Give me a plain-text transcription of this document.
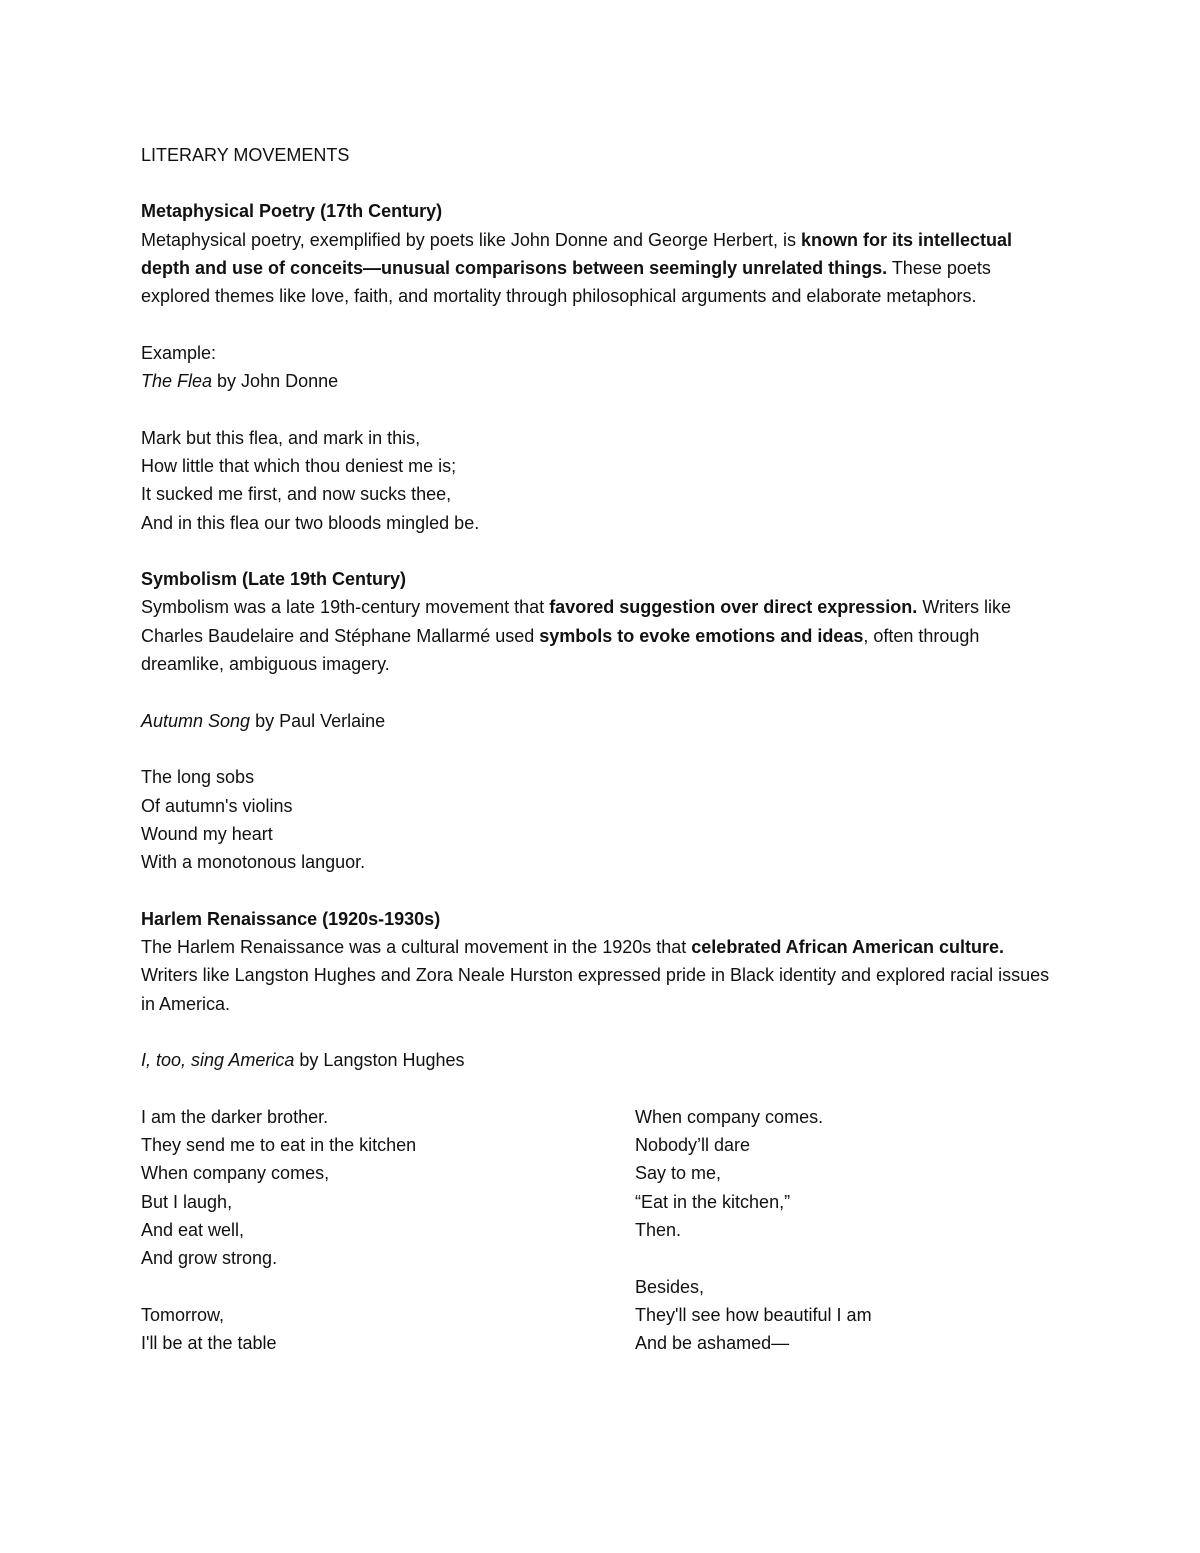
LITERARY MOVEMENTS
Metaphysical Poetry (17th Century)

Metaphysical poetry, exemplified by poets like John Donne and George Herbert, is known for its intellectual depth and use of conceits—unusual comparisons between seemingly unrelated things. These poets explored themes like love, faith, and mortality through philosophical arguments and elaborate metaphors.

Example:
The Flea by John Donne
Mark but this flea, and mark in this,
How little that which thou deniest me is;
It sucked me first, and now sucks thee,
And in this flea our two bloods mingled be.
Symbolism (Late 19th Century)

Symbolism was a late 19th-century movement that favored suggestion over direct expression. Writers like Charles Baudelaire and Stéphane Mallarmé used symbols to evoke emotions and ideas, often through dreamlike, ambiguous imagery.

Autumn Song by Paul Verlaine
The long sobs
Of autumn's violins
Wound my heart
With a monotonous languor.
Harlem Renaissance (1920s-1930s)

The Harlem Renaissance was a cultural movement in the 1920s that celebrated African American culture. Writers like Langston Hughes and Zora Neale Hurston expressed pride in Black identity and explored racial issues in America.

I, too, sing America by Langston Hughes
I am the darker brother.
They send me to eat in the kitchen
When company comes,
But I laugh,
And eat well,
And grow strong.
Tomorrow,
I'll be at the table
When company comes.
Nobody’ll dare
Say to me,
“Eat in the kitchen,”
Then.
Besides,
They'll see how beautiful I am
And be ashamed—
